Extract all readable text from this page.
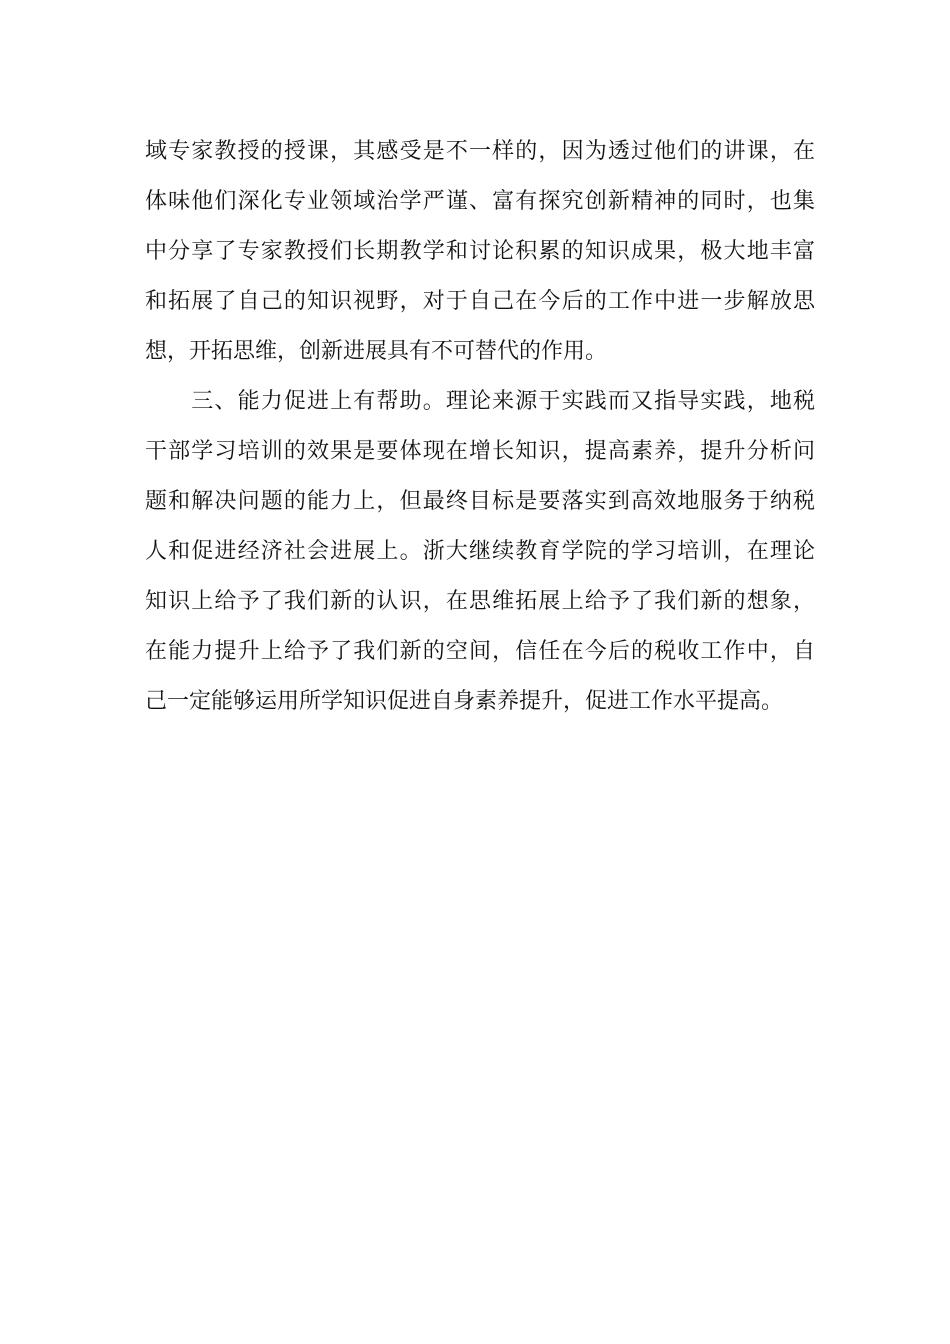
域专家教授的授课，其感受是不一样的，因为透过他们的讲课，在
体味他们深化专业领域治学严谨、富有探究创新精神的同时，也集
中分享了专家教授们长期教学和讨论积累的知识成果，极大地丰富
和拓展了自己的知识视野，对于自己在今后的工作中进一步解放思
想，开拓思维，创新进展具有不可替代的作用。
　　三、能力促进上有帮助。理论来源于实践而又指导实践，地税
干部学习培训的效果是要体现在增长知识，提高素养，提升分析问
题和解决问题的能力上，但最终目标是要落实到高效地服务于纳税
人和促进经济社会进展上。浙大继续教育学院的学习培训，在理论
知识上给予了我们新的认识，在思维拓展上给予了我们新的想象，
在能力提升上给予了我们新的空间，信任在今后的税收工作中，自
己一定能够运用所学知识促进自身素养提升，促进工作水平提高。
